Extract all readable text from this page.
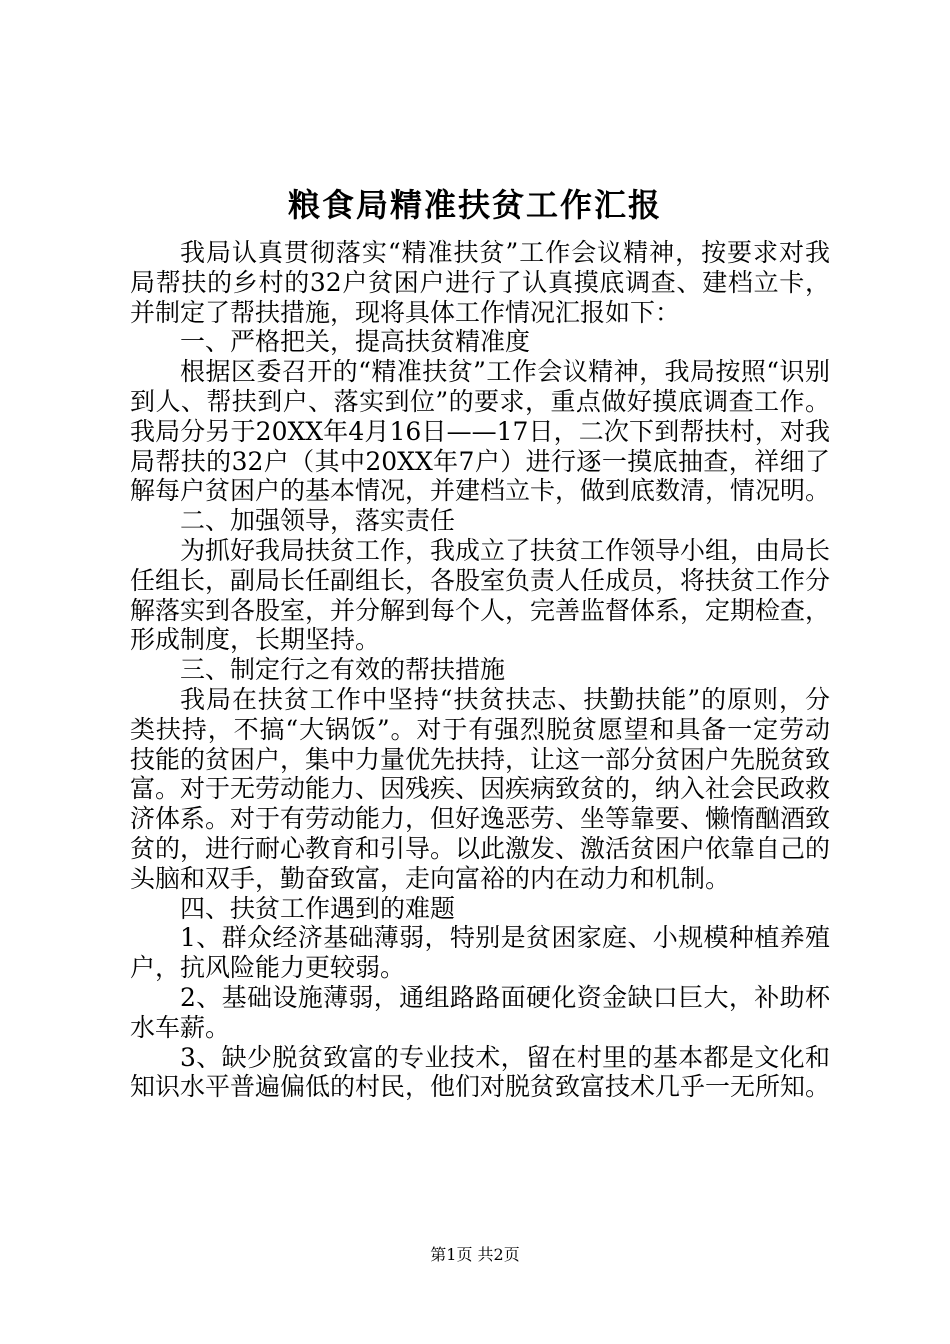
粮食局精准扶贫工作汇报

我局认真贯彻落实“精准扶贫”工作会议精神，按要求对我局帮扶的乡村的32户贫困户进行了认真摸底调查、建档立卡，并制定了帮扶措施，现将具体工作情况汇报如下：

一、严格把关，提高扶贫精准度

根据区委召开的“精准扶贫”工作会议精神，我局按照“识别到人、帮扶到户、落实到位”的要求，重点做好摸底调查工作。我局分另于20XX年4月16日——17日，二次下到帮扶村，对我局帮扶的32户（其中20XX年7户）进行逐一摸底抽查，祥细了解每户贫困户的基本情况，并建档立卡，做到底数清，情况明。

二、加强领导，落实责任

为抓好我局扶贫工作，我成立了扶贫工作领导小组，由局长任组长，副局长任副组长，各股室负责人任成员，将扶贫工作分解落实到各股室，并分解到每个人，完善监督体系，定期检查，形成制度，长期坚持。

三、制定行之有效的帮扶措施

我局在扶贫工作中坚持“扶贫扶志、扶勤扶能”的原则，分类扶持，不搞“大锅饭”。对于有强烈脱贫愿望和具备一定劳动技能的贫困户，集中力量优先扶持，让这一部分贫困户先脱贫致富。对于无劳动能力、因残疾、因疾病致贫的，纳入社会民政救济体系。对于有劳动能力，但好逸恶劳、坐等靠要、懒惰酗酒致贫的，进行耐心教育和引导。以此激发、激活贫困户依靠自己的头脑和双手，勤奋致富，走向富裕的内在动力和机制。

四、扶贫工作遇到的难题

1、群众经济基础薄弱，特别是贫困家庭、小规模种植养殖户，抗风险能力更较弱。

2、基础设施薄弱，通组路路面硬化资金缺口巨大，补助杯水车薪。

3、缺少脱贫致富的专业技术，留在村里的基本都是文化和知识水平普遍偏低的村民，他们对脱贫致富技术几乎一无所知。

第1页 共2页
